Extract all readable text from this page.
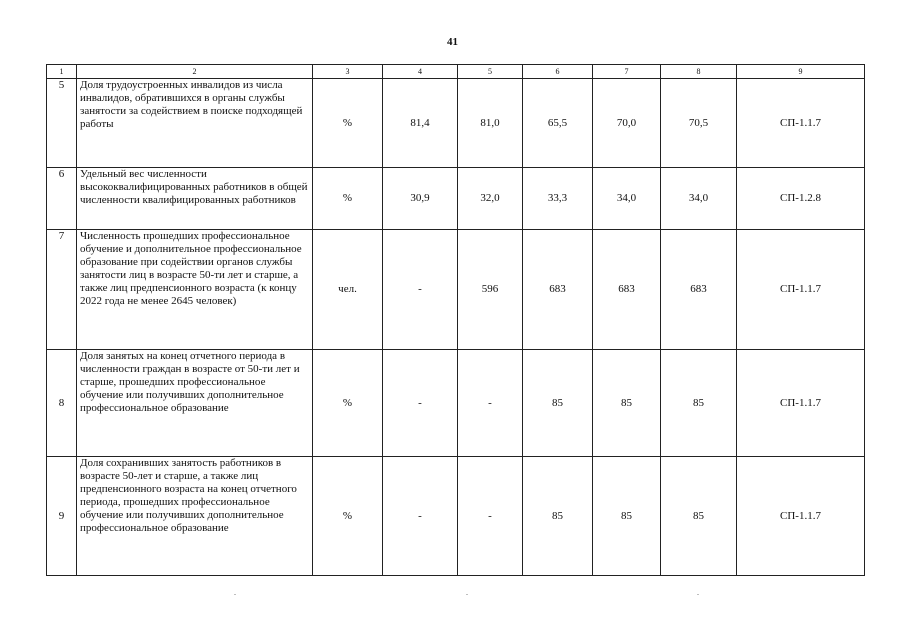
41
1	2	3	4	5	6	7	8	9
5	Доля трудоустроенных инвалидов из числа инвалидов, обратившихся в органы службы занятости за содействием в поиске подходящей работы	%	81,4	81,0	65,5	70,0	70,5	СП-1.1.7
6	Удельный вес численности высококвалифицированных работников в общей численности квалифицированных работников	%	30,9	32,0	33,3	34,0	34,0	СП-1.2.8
7	Численность прошедших профессиональное обучение и дополнительное профессиональное образование при содействии органов службы занятости лиц в возрасте 50-ти лет и старше, а также лиц предпенсионного возраста (к концу 2022 года не менее 2645 человек)	чел.	-	596	683	683	683	СП-1.1.7
8	Доля занятых на конец отчетного периода в численности граждан в возрасте от 50-ти лет и старше, прошедших профессиональное обучение или получивших дополнительное профессиональное образование	%	-	-	85	85	85	СП-1.1.7
9	Доля сохранивших занятость работников в возрасте 50-лет и старше, а также лиц предпенсионного возраста на конец отчетного периода, прошедших профессиональное обучение или получивших дополнительное профессиональное образование	%	-	-	85	85	85	СП-1.1.7
.	.	.
